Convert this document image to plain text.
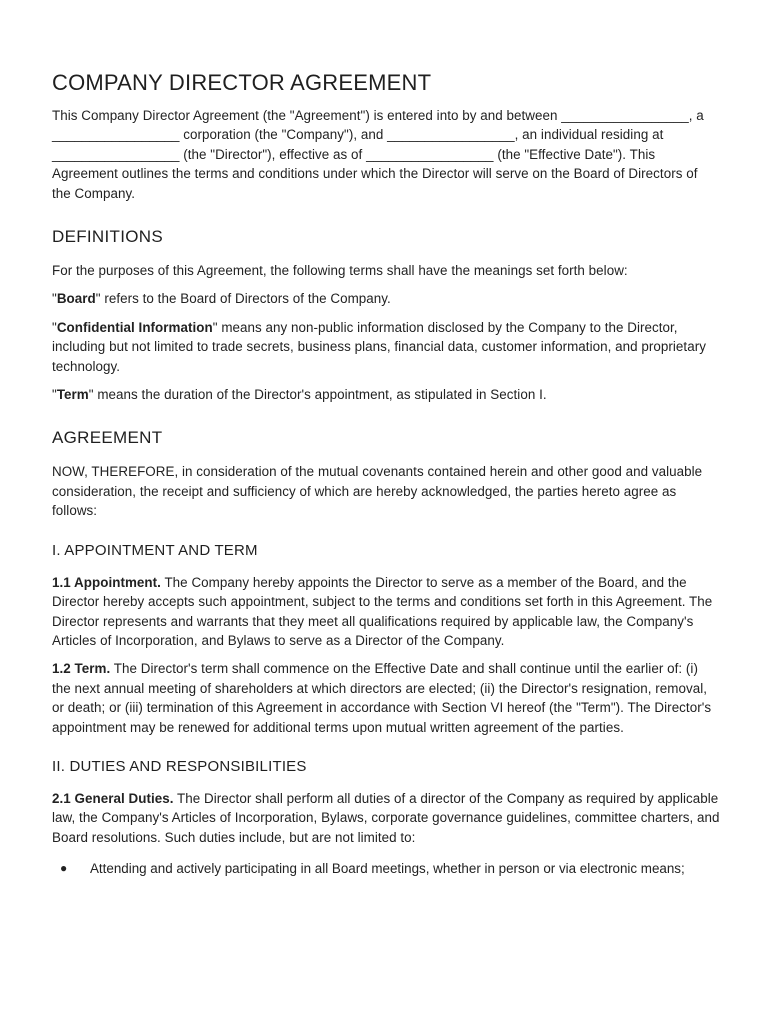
COMPANY DIRECTOR AGREEMENT

This Company Director Agreement (the "Agreement") is entered into by and between _________________, a _________________ corporation (the "Company"), and _________________, an individual residing at _________________ (the "Director"), effective as of _________________ (the "Effective Date"). This Agreement outlines the terms and conditions under which the Director will serve on the Board of Directors of the Company.

DEFINITIONS

For the purposes of this Agreement, the following terms shall have the meanings set forth below:

"Board" refers to the Board of Directors of the Company.

"Confidential Information" means any non-public information disclosed by the Company to the Director, including but not limited to trade secrets, business plans, financial data, customer information, and proprietary technology.

"Term" means the duration of the Director's appointment, as stipulated in Section I.

AGREEMENT

NOW, THEREFORE, in consideration of the mutual covenants contained herein and other good and valuable consideration, the receipt and sufficiency of which are hereby acknowledged, the parties hereto agree as follows:

I. APPOINTMENT AND TERM

1.1 Appointment. The Company hereby appoints the Director to serve as a member of the Board, and the Director hereby accepts such appointment, subject to the terms and conditions set forth in this Agreement. The Director represents and warrants that they meet all qualifications required by applicable law, the Company's Articles of Incorporation, and Bylaws to serve as a Director of the Company.

1.2 Term. The Director's term shall commence on the Effective Date and shall continue until the earlier of: (i) the next annual meeting of shareholders at which directors are elected; (ii) the Director's resignation, removal, or death; or (iii) termination of this Agreement in accordance with Section VI hereof (the "Term"). The Director's appointment may be renewed for additional terms upon mutual written agreement of the parties.

II. DUTIES AND RESPONSIBILITIES

2.1 General Duties. The Director shall perform all duties of a director of the Company as required by applicable law, the Company's Articles of Incorporation, Bylaws, corporate governance guidelines, committee charters, and Board resolutions. Such duties include, but are not limited to:

● Attending and actively participating in all Board meetings, whether in person or via electronic means;
